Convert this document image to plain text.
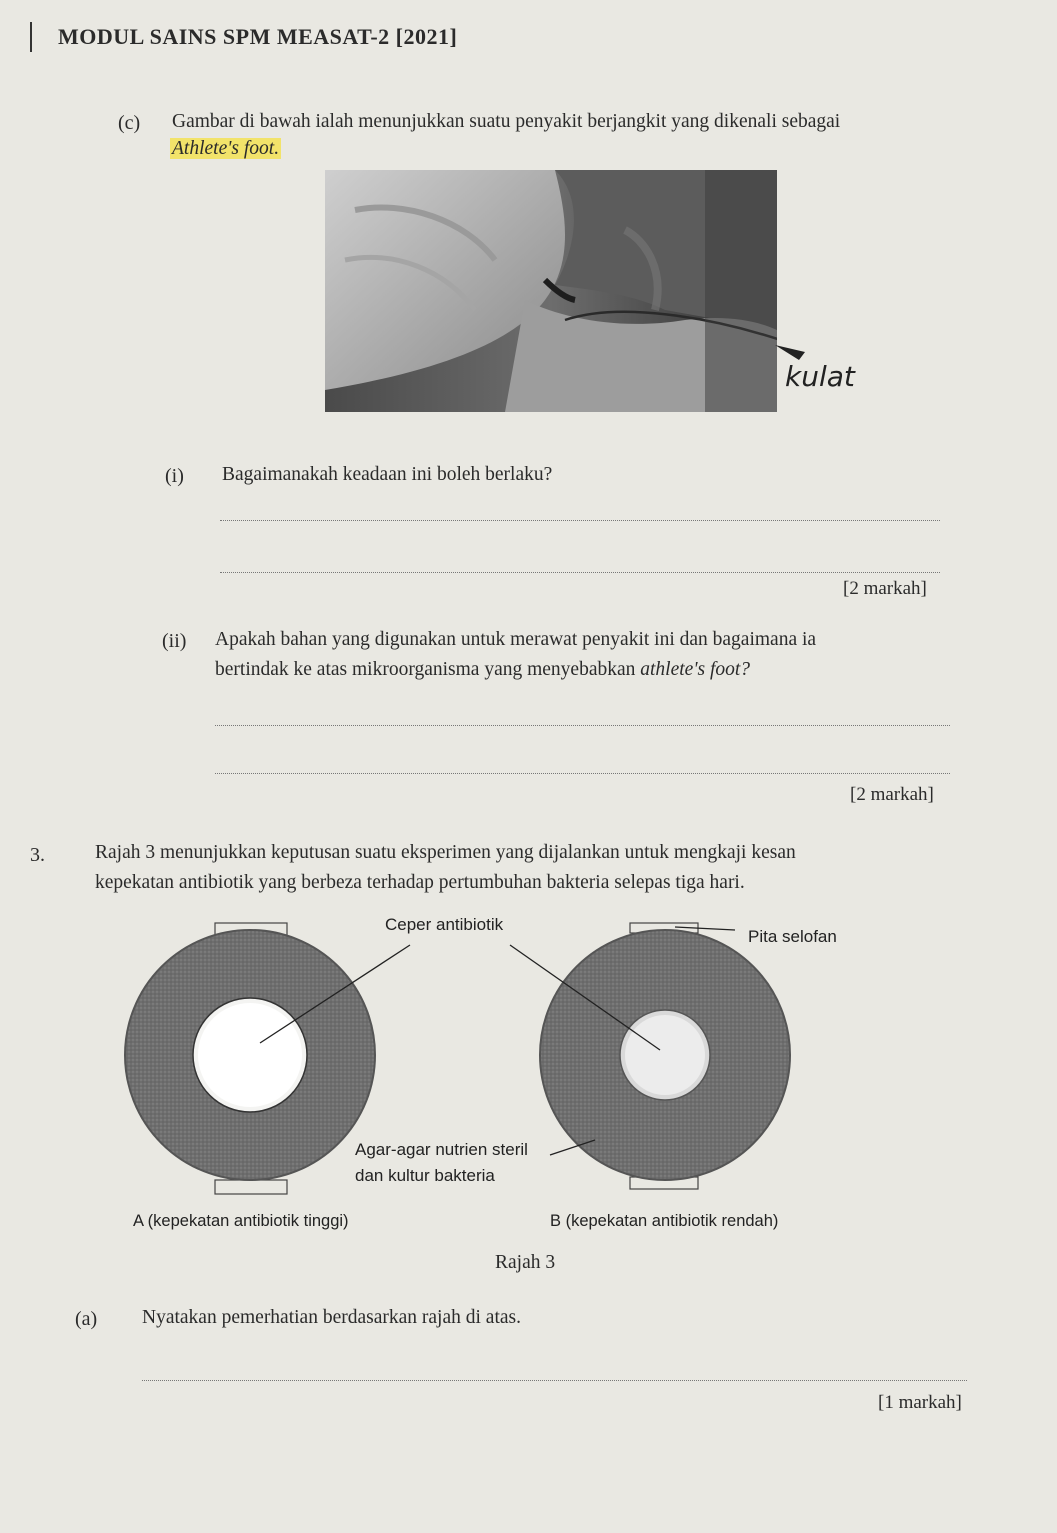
MODUL SAINS SPM MEASAT-2 [2021]
(c) Gambar di bawah ialah menunjukkan suatu penyakit berjangkit yang dikenali sebagai
Athlete's foot.
kulat
(i) Bagaimanakah keadaan ini boleh berlaku?
[2 markah]
(ii) Apakah bahan yang digunakan untuk merawat penyakit ini dan bagaimana ia
bertindak ke atas mikroorganisma yang menyebabkan athlete's foot?
[2 markah]
3.	Rajah 3 menunjukkan keputusan suatu eksperimen yang dijalankan untuk mengkaji kesan
kepekatan antibiotik yang berbeza terhadap pertumbuhan bakteria selepas tiga hari.
Ceper antibiotik
Pita selofan
Agar-agar nutrien steril
dan kultur bakteria
A (kepekatan antibiotik tinggi)	B (kepekatan antibiotik rendah)
Rajah 3
(a) Nyatakan pemerhatian berdasarkan rajah di atas.
[1 markah]
